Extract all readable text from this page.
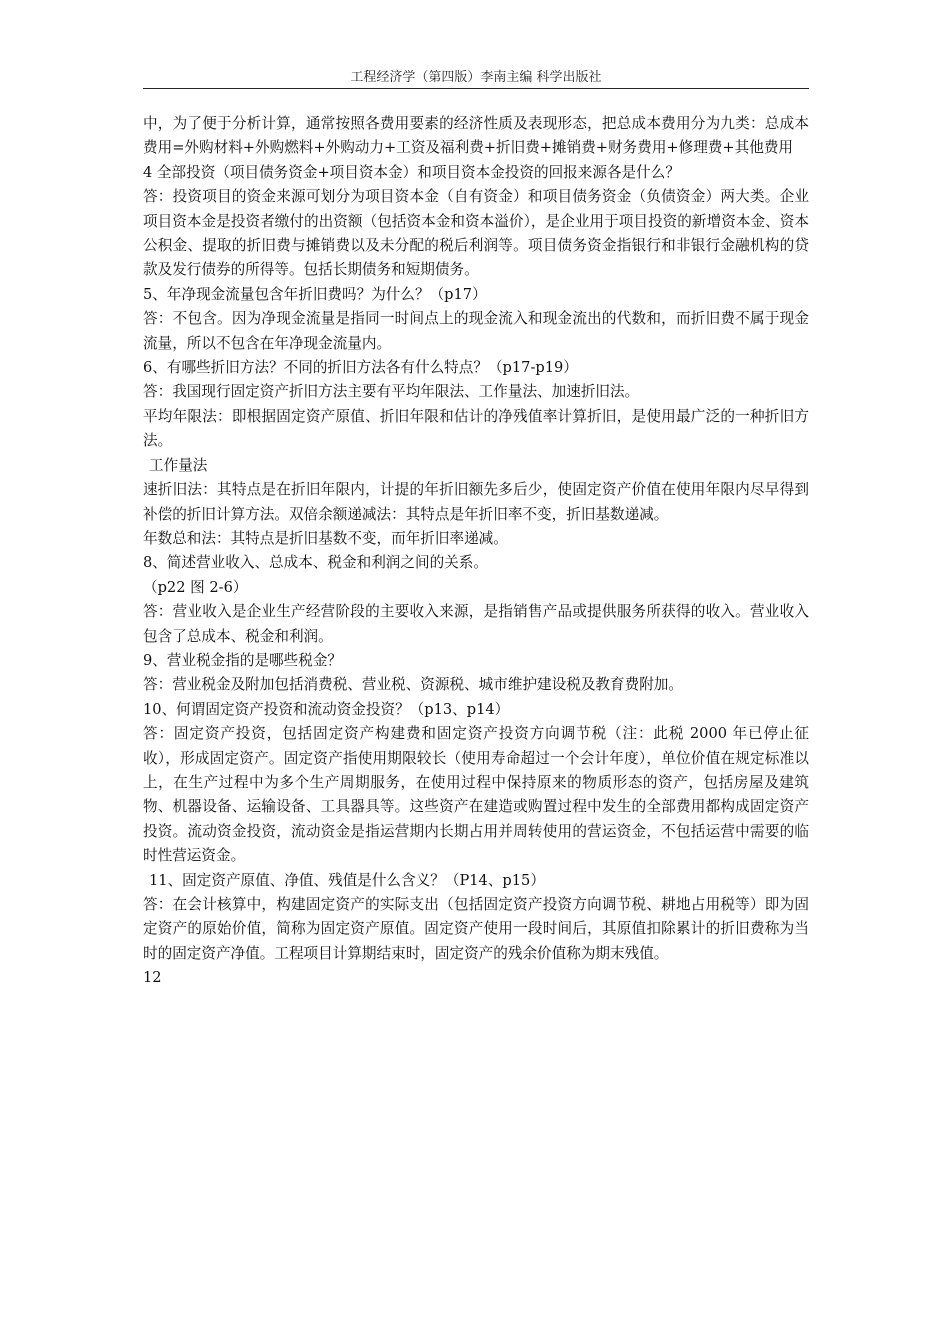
工程经济学（第四版）李南主编 科学出版社

中，为了便于分析计算，通常按照各费用要素的经济性质及表现形态，把总成本费用分为九类：总成本费用=外购材料+外购燃料+外购动力+工资及福利费+折旧费+摊销费+财务费用+修理费+其他费用

4 全部投资（项目债务资金+项目资本金）和项目资本金投资的回报来源各是什么？

答：投资项目的资金来源可划分为项目资本金（自有资金）和项目债务资金（负债资金）两大类。企业项目资本金是投资者缴付的出资额（包括资本金和资本溢价），是企业用于项目投资的新增资本金、资本公积金、提取的折旧费与摊销费以及未分配的税后利润等。项目债务资金指银行和非银行金融机构的贷款及发行债券的所得等。包括长期债务和短期债务。

5、年净现金流量包含年折旧费吗？为什么？（p17）

答：不包含。因为净现金流量是指同一时间点上的现金流入和现金流出的代数和，而折旧费不属于现金流量，所以不包含在年净现金流量内。

6、有哪些折旧方法？不同的折旧方法各有什么特点？（p17-p19）

答：我国现行固定资产折旧方法主要有平均年限法、工作量法、加速折旧法。

平均年限法：即根据固定资产原值、折旧年限和估计的净残值率计算折旧，是使用最广泛的一种折旧方法。

工作量法

速折旧法：其特点是在折旧年限内，计提的年折旧额先多后少，使固定资产价值在使用年限内尽早得到补偿的折旧计算方法。双倍余额递减法：其特点是年折旧率不变，折旧基数递减。

年数总和法：其特点是折旧基数不变，而年折旧率递减。

8、简述营业收入、总成本、税金和利润之间的关系。

（p22 图 2-6）

答：营业收入是企业生产经营阶段的主要收入来源，是指销售产品或提供服务所获得的收入。营业收入包含了总成本、税金和利润。

9、营业税金指的是哪些税金？

答：营业税金及附加包括消费税、营业税、资源税、城市维护建设税及教育费附加。

10、何谓固定资产投资和流动资金投资？（p13、p14）

答：固定资产投资，包括固定资产构建费和固定资产投资方向调节税（注：此税 2000 年已停止征收），形成固定资产。固定资产指使用期限较长（使用寿命超过一个会计年度），单位价值在规定标准以上，在生产过程中为多个生产周期服务，在使用过程中保持原来的物质形态的资产，包括房屋及建筑物、机器设备、运输设备、工具器具等。这些资产在建造或购置过程中发生的全部费用都构成固定资产投资。流动资金投资，流动资金是指运营期内长期占用并周转使用的营运资金，不包括运营中需要的临时性营运资金。

11、固定资产原值、净值、残值是什么含义？（P14、p15）

答：在会计核算中，构建固定资产的实际支出（包括固定资产投资方向调节税、耕地占用税等）即为固定资产的原始价值，简称为固定资产原值。固定资产使用一段时间后，其原值扣除累计的折旧费称为当时的固定资产净值。工程项目计算期结束时，固定资产的残余价值称为期末残值。

12
